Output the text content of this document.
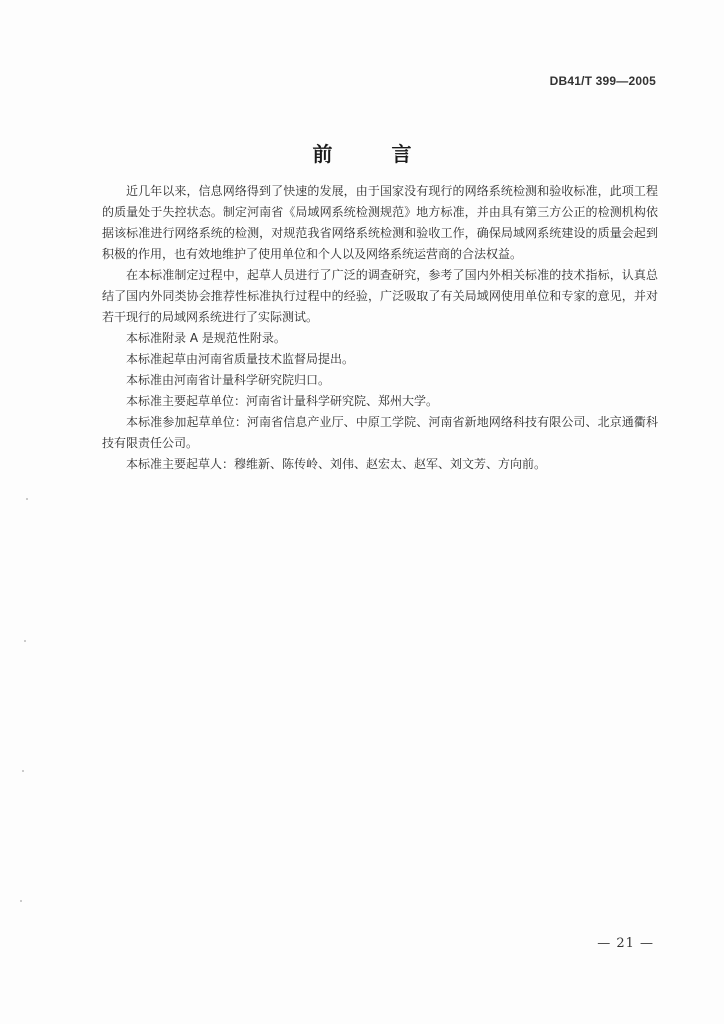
DB41/T 399—2005
前 言

近几年以来，信息网络得到了快速的发展，由于国家没有现行的网络系统检测和验收标准，此项工程的质量处于失控状态。制定河南省《局域网系统检测规范》地方标准，并由具有第三方公正的检测机构依据该标准进行网络系统的检测，对规范我省网络系统检测和验收工作，确保局域网系统建设的质量会起到积极的作用，也有效地维护了使用单位和个人以及网络系统运营商的合法权益。

在本标准制定过程中，起草人员进行了广泛的调查研究，参考了国内外相关标准的技术指标，认真总结了国内外同类协会推荐性标准执行过程中的经验，广泛吸取了有关局域网使用单位和专家的意见，并对若干现行的局域网系统进行了实际测试。

本标准附录 A 是规范性附录。

本标准起草由河南省质量技术监督局提出。

本标准由河南省计量科学研究院归口。

本标准主要起草单位：河南省计量科学研究院、郑州大学。

本标准参加起草单位：河南省信息产业厅、中原工学院、河南省新地网络科技有限公司、北京通衢科技有限责任公司。

本标准主要起草人：穆维新、陈传岭、刘伟、赵宏太、赵军、刘文芳、方向前。

— 21 —
